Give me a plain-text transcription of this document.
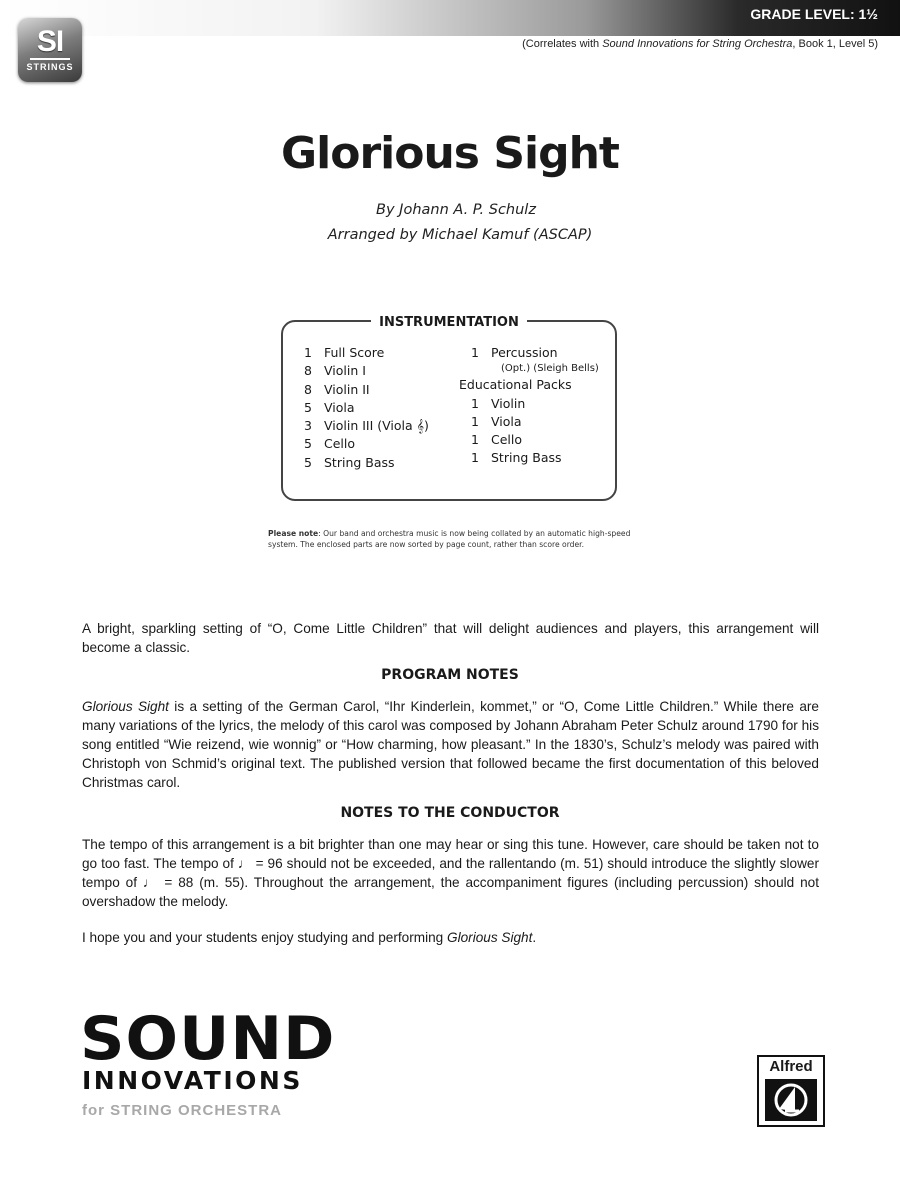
SI
STRINGS
GRADE LEVEL: 1½
(Correlates with Sound Innovations for String Orchestra, Book 1, Level 5)
Glorious Sight
By Johann A. P. Schulz
Arranged by Michael Kamuf (ASCAP)
INSTRUMENTATION
1 Full Score
8 Violin I
8 Violin II
5 Viola
3 Violin III (Viola 𝄞)
5 Cello
5 String Bass
1 Percussion
(Opt.) (Sleigh Bells)
Educational Packs
1 Violin
1 Viola
1 Cello
1 String Bass
Please note: Our band and orchestra music is now being collated by an automatic high-speed system. The enclosed parts are now sorted by page count, rather than score order.
A bright, sparkling setting of “O, Come Little Children” that will delight audiences and players, this arrangement will become a classic.
PROGRAM NOTES
Glorious Sight is a setting of the German Carol, “Ihr Kinderlein, kommet,” or “O, Come Little Children.” While there are many variations of the lyrics, the melody of this carol was composed by Johann Abraham Peter Schulz around 1790 for his song entitled “Wie reizend, wie wonnig” or “How charming, how pleasant.” In the 1830’s, Schulz’s melody was paired with Christoph von Schmid’s original text. The published version that followed became the first documentation of this beloved Christmas carol.
NOTES TO THE CONDUCTOR
The tempo of this arrangement is a bit brighter than one may hear or sing this tune. However, care should be taken not to go too fast. The tempo of ♩ = 96 should not be exceeded, and the rallentando (m. 51) should introduce the slightly slower tempo of ♩ = 88 (m. 55). Throughout the arrangement, the accompaniment figures (including percussion) should not overshadow the melody.
I hope you and your students enjoy studying and performing Glorious Sight.
SOUND
INNOVATIONS
for STRING ORCHESTRA
Alfred
